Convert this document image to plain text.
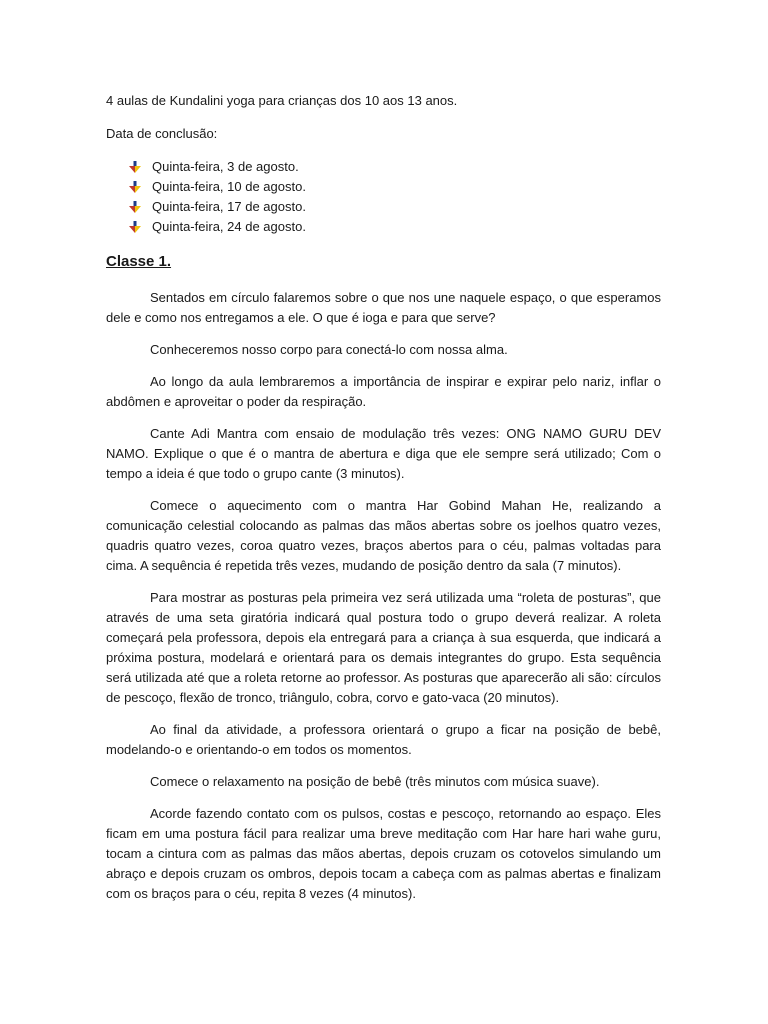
4 aulas de Kundalini yoga para crianças dos 10 aos 13 anos.

Data de conclusão:

Quinta-feira, 3 de agosto.
Quinta-feira, 10 de agosto.
Quinta-feira, 17 de agosto.
Quinta-feira, 24 de agosto.
Classe 1.

Sentados em círculo falaremos sobre o que nos une naquele espaço, o que esperamos dele e como nos entregamos a ele. O que é ioga e para que serve?

Conheceremos nosso corpo para conectá-lo com nossa alma.

Ao longo da aula lembraremos a importância de inspirar e expirar pelo nariz, inflar o abdômen e aproveitar o poder da respiração.

Cante Adi Mantra com ensaio de modulação três vezes: ONG NAMO GURU DEV NAMO. Explique o que é o mantra de abertura e diga que ele sempre será utilizado; Com o tempo a ideia é que todo o grupo cante (3 minutos).

Comece o aquecimento com o mantra Har Gobind Mahan He, realizando a comunicação celestial colocando as palmas das mãos abertas sobre os joelhos quatro vezes, quadris quatro vezes, coroa quatro vezes, braços abertos para o céu, palmas voltadas para cima. A sequência é repetida três vezes, mudando de posição dentro da sala (7 minutos).

Para mostrar as posturas pela primeira vez será utilizada uma “roleta de posturas”, que através de uma seta giratória indicará qual postura todo o grupo deverá realizar. A roleta começará pela professora, depois ela entregará para a criança à sua esquerda, que indicará a próxima postura, modelará e orientará para os demais integrantes do grupo. Esta sequência será utilizada até que a roleta retorne ao professor. As posturas que aparecerão ali são: círculos de pescoço, flexão de tronco, triângulo, cobra, corvo e gato-vaca (20 minutos).

Ao final da atividade, a professora orientará o grupo a ficar na posição de bebê, modelando-o e orientando-o em todos os momentos.

Comece o relaxamento na posição de bebê (três minutos com música suave).

Acorde fazendo contato com os pulsos, costas e pescoço, retornando ao espaço. Eles ficam em uma postura fácil para realizar uma breve meditação com Har hare hari wahe guru, tocam a cintura com as palmas das mãos abertas, depois cruzam os cotovelos simulando um abraço e depois cruzam os ombros, depois tocam a cabeça com as palmas abertas e finalizam com os braços para o céu, repita 8 vezes (4 minutos).
